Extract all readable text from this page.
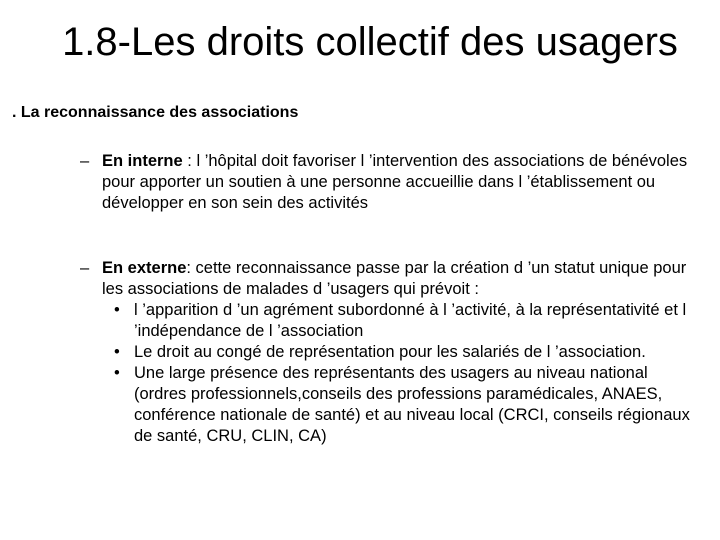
1.8-Les droits collectif des usagers

. La reconnaissance des associations

– En interne : l ’hôpital doit favoriser l ’intervention des associations de bénévoles pour apporter un soutien à une personne accueillie dans l ’établissement ou développer en son sein des activités

– En externe: cette reconnaissance passe par la création d ’un statut unique pour les associations de malades d ’usagers qui prévoit :
• l ’apparition d ’un agrément subordonné à l ’activité, à la représentativité et l ’indépendance de l ’association
• Le droit au congé de représentation pour les salariés de l ’association.
• Une large présence des représentants des usagers au niveau national (ordres professionnels,conseils des professions paramédicales, ANAES, conférence nationale de santé) et au niveau local (CRCI, conseils régionaux de santé, CRU, CLIN, CA)
